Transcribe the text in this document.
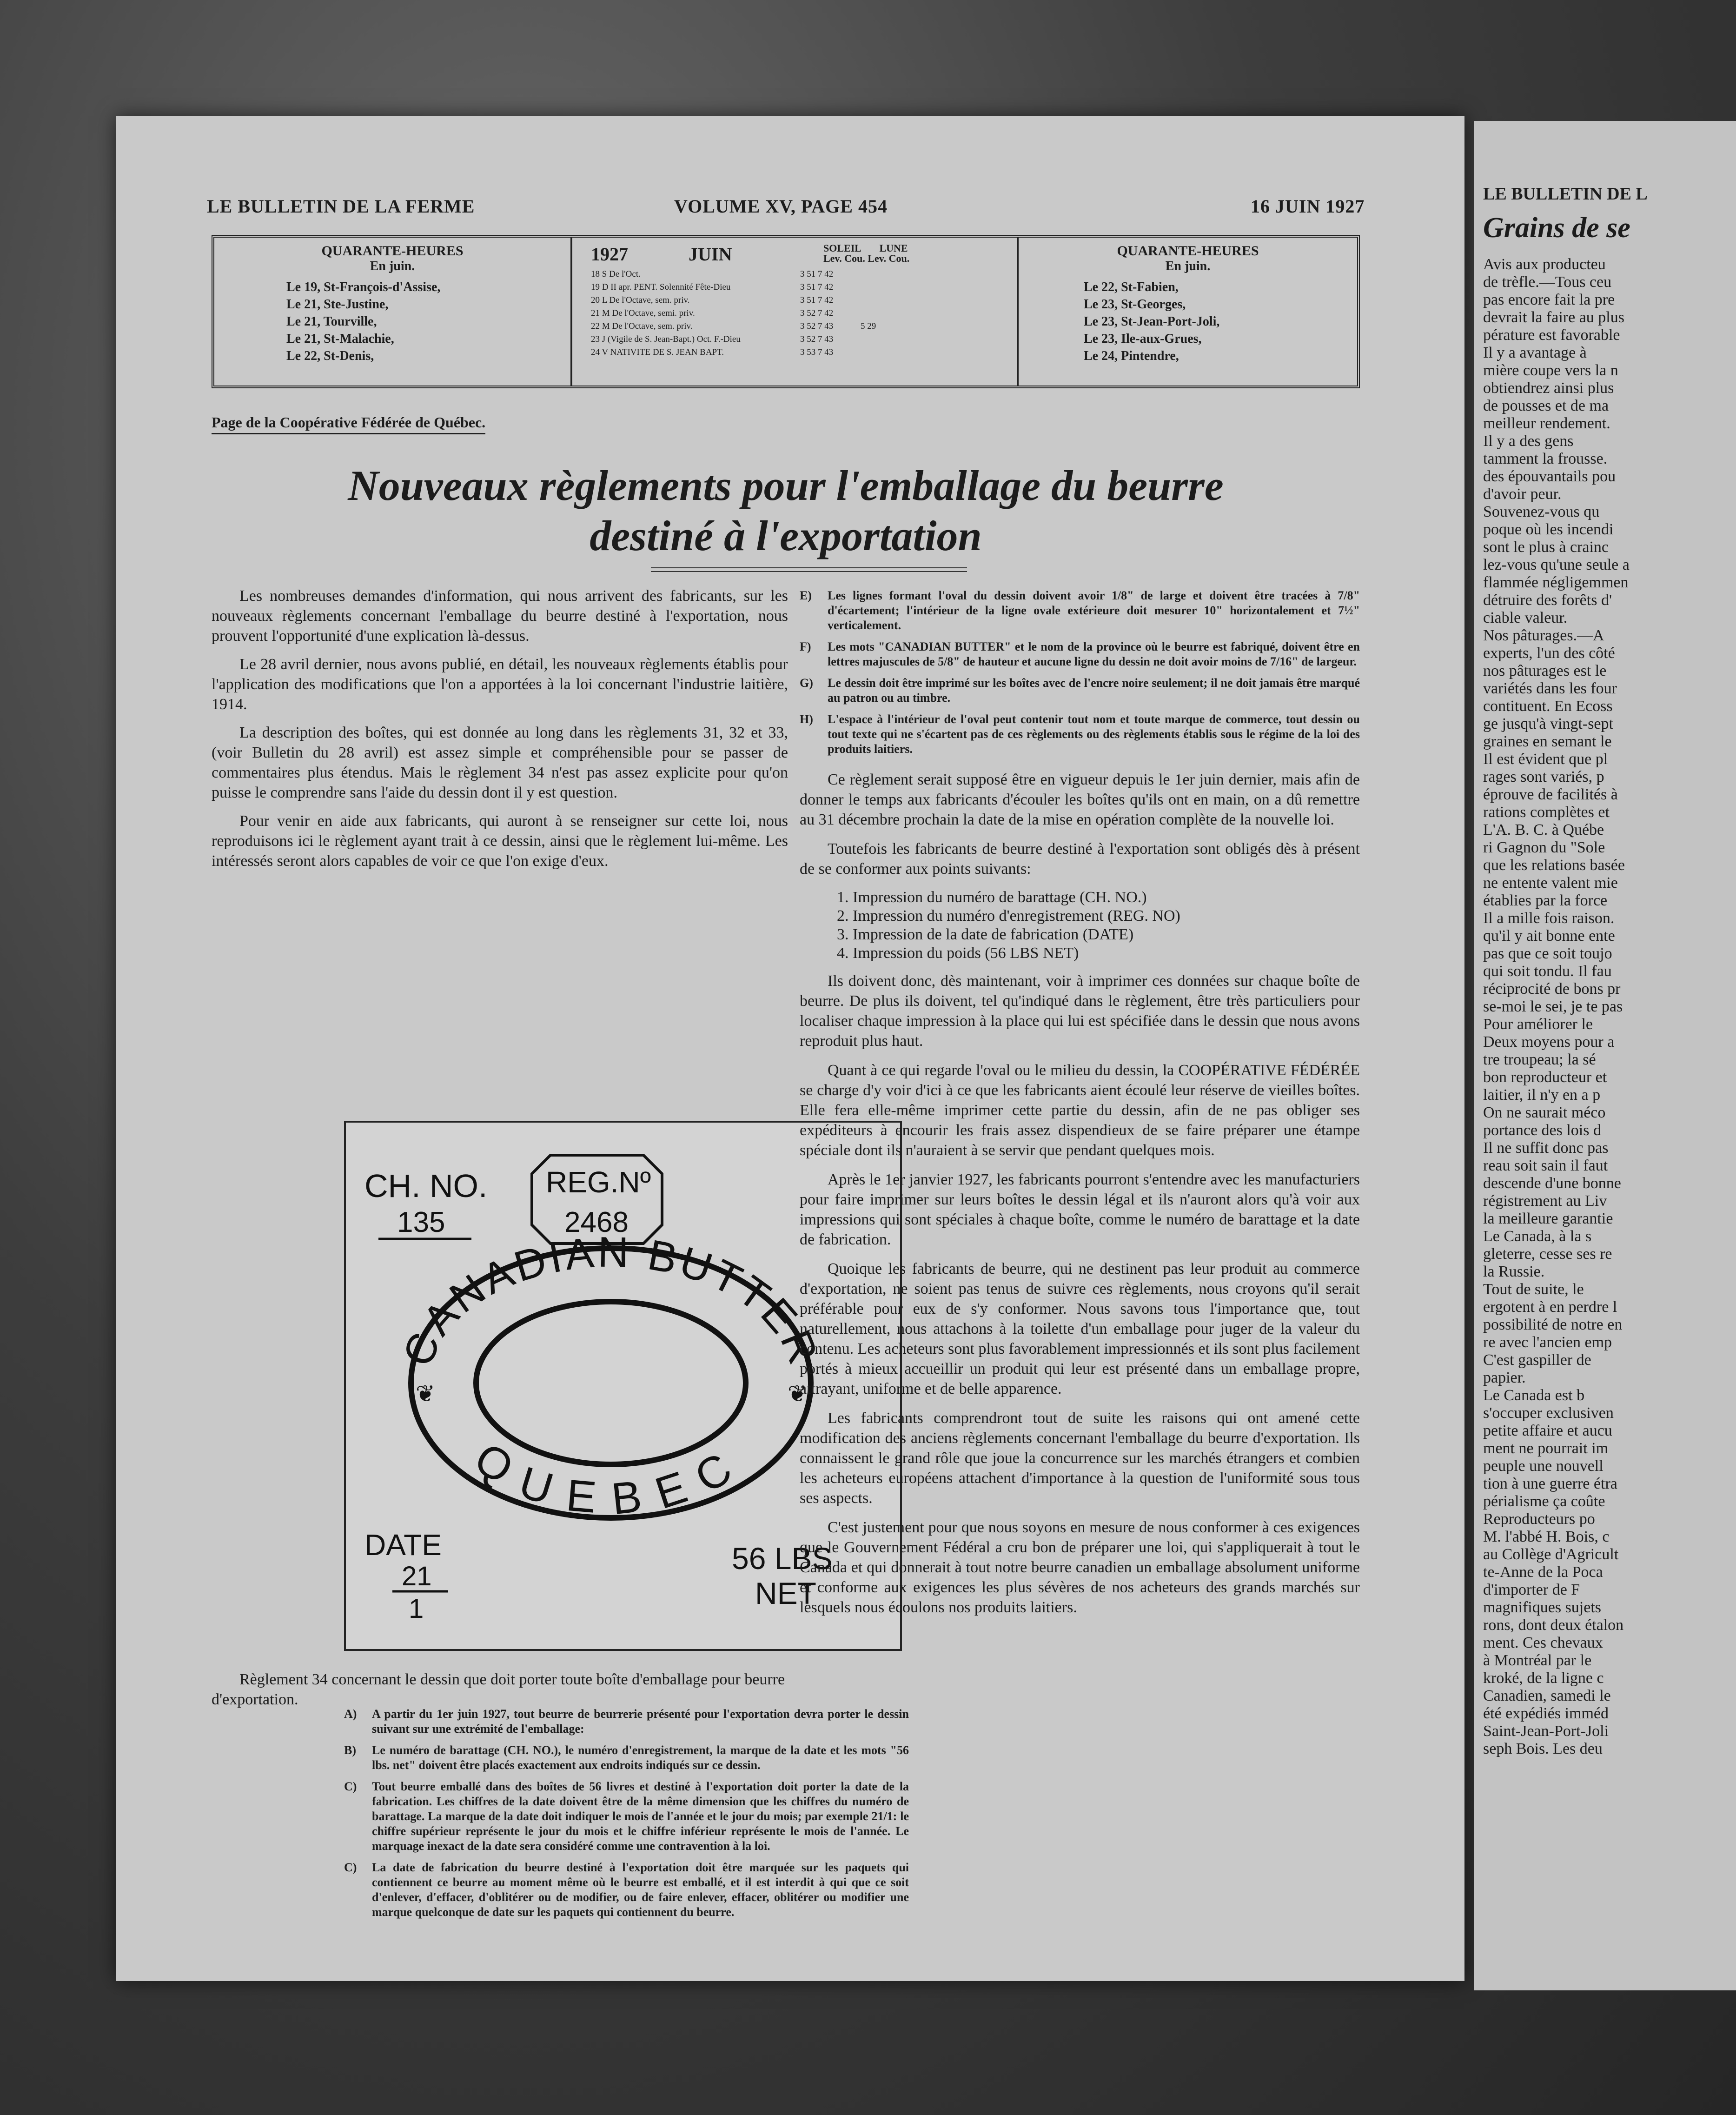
LE BULLETIN DE LA FERME	VOLUME XV, PAGE 454	16 JUIN 1927
QUARANTE-HEURES
En juin.
Le 19, St-François-d'Assise,
Le 21, Ste-Justine,
Le 21, Tourville,
Le 21, St-Malachie,
Le 22, St-Denis,
1927	JUIN	SOLEIL LUNE
Lev. Cou. Lev. Cou.
18 S De l'Oct.	3 51 7 42
19 D II apr. PENT. Solennité Fête-Dieu	3 51 7 42
20 L De l'Octave, sem. priv.	3 51 7 42
21 M De l'Octave, semi. priv.	3 52 7 42
22 M De l'Octave, sem. priv.	3 52 7 43	5 29
23 J (Vigile de S. Jean-Bapt.) Oct. F.-Dieu	3 52 7 43
24 V NATIVITE DE S. JEAN BAPT.	3 53 7 43
QUARANTE-HEURES
En juin.
Le 22, St-Fabien,
Le 23, St-Georges,
Le 23, St-Jean-Port-Joli,
Le 23, Ile-aux-Grues,
Le 24, Pintendre,
Page de la Coopérative Fédérée de Québec.
Nouveaux règlements pour l'emballage du beurre
destiné à l'exportation

Les nombreuses demandes d'information, qui nous arrivent des fabricants, sur les nouveaux règlements concernant l'emballage du beurre destiné à l'exportation, nous prouvent l'opportunité d'une explication là-dessus.

Le 28 avril dernier, nous avons publié, en détail, les nouveaux règlements établis pour l'application des modifications que l'on a apportées à la loi concernant l'industrie laitière, 1914.

La description des boîtes, qui est donnée au long dans les règlements 31, 32 et 33, (voir Bulletin du 28 avril) est assez simple et compréhensible pour se passer de commentaires plus étendus. Mais le règlement 34 n'est pas assez explicite pour qu'on puisse le comprendre sans l'aide du dessin dont il y est question.

Pour venir en aide aux fabricants, qui auront à se renseigner sur cette loi, nous reproduisons ici le règlement ayant trait à ce dessin, ainsi que le règlement lui-même. Les intéressés seront alors capables de voir ce que l'on exige d'eux.

CH. NO.
135
REG.Nº
2468
CANADIAN BUTTER
QUEBEC
❦	❦
DATE
21
1
56 LBS
NET

Règlement 34 concernant le dessin que doit porter toute boîte d'emballage pour beurre d'exportation.

A)	A partir du 1er juin 1927, tout beurre de beurrerie présenté pour l'exportation devra porter le dessin suivant sur une extrémité de l'emballage:
B)	Le numéro de barattage (CH. NO.), le numéro d'enregistrement, la marque de la date et les mots "56 lbs. net" doivent être placés exactement aux endroits indiqués sur ce dessin.
C)	Tout beurre emballé dans des boîtes de 56 livres et destiné à l'exportation doit porter la date de la fabrication. Les chiffres de la date doivent être de la même dimension que les chiffres du numéro de barattage. La marque de la date doit indiquer le mois de l'année et le jour du mois; par exemple 21/1: le chiffre supérieur représente le jour du mois et le chiffre inférieur représente le mois de l'année. Le marquage inexact de la date sera considéré comme une contravention à la loi.
C)	La date de fabrication du beurre destiné à l'exportation doit être marquée sur les paquets qui contiennent ce beurre au moment même où le beurre est emballé, et il est interdit à qui que ce soit d'enlever, d'effacer, d'oblitérer ou de modifier, ou de faire enlever, effacer, oblitérer ou modifier une marque quelconque de date sur les paquets qui contiennent du beurre.
E)	Les lignes formant l'oval du dessin doivent avoir 1/8" de large et doivent être tracées à 7/8" d'écartement; l'intérieur de la ligne ovale extérieure doit mesurer 10" horizontalement et 7½" verticalement.
F)	Les mots "CANADIAN BUTTER" et le nom de la province où le beurre est fabriqué, doivent être en lettres majuscules de 5/8" de hauteur et aucune ligne du dessin ne doit avoir moins de 7/16" de largeur.
G)	Le dessin doit être imprimé sur les boîtes avec de l'encre noire seulement; il ne doit jamais être marqué au patron ou au timbre.
H)	L'espace à l'intérieur de l'oval peut contenir tout nom et toute marque de commerce, tout dessin ou tout texte qui ne s'écartent pas de ces règlements ou des règlements établis sous le régime de la loi des produits laitiers.

Ce règlement serait supposé être en vigueur depuis le 1er juin dernier, mais afin de donner le temps aux fabricants d'écouler les boîtes qu'ils ont en main, on a dû remettre au 31 décembre prochain la date de la mise en opération complète de la nouvelle loi.

Toutefois les fabricants de beurre destiné à l'exportation sont obligés dès à présent de se conformer aux points suivants:

1. Impression du numéro de barattage (CH. NO.)
2. Impression du numéro d'enregistrement (REG. NO)
3. Impression de la date de fabrication (DATE)
4. Impression du poids (56 LBS NET)

Ils doivent donc, dès maintenant, voir à imprimer ces données sur chaque boîte de beurre. De plus ils doivent, tel qu'indiqué dans le règlement, être très particuliers pour localiser chaque impression à la place qui lui est spécifiée dans le dessin que nous avons reproduit plus haut.

Quant à ce qui regarde l'oval ou le milieu du dessin, la COOPÉRATIVE FÉDÉRÉE se charge d'y voir d'ici à ce que les fabricants aient écoulé leur réserve de vieilles boîtes. Elle fera elle-même imprimer cette partie du dessin, afin de ne pas obliger ses expéditeurs à encourir les frais assez dispendieux de se faire préparer une étampe spéciale dont ils n'auraient à se servir que pendant quelques mois.

Après le 1er janvier 1927, les fabricants pourront s'entendre avec les manufacturiers pour faire imprimer sur leurs boîtes le dessin légal et ils n'auront alors qu'à voir aux impressions qui sont spéciales à chaque boîte, comme le numéro de barattage et la date de fabrication.

Quoique les fabricants de beurre, qui ne destinent pas leur produit au commerce d'exportation, ne soient pas tenus de suivre ces règlements, nous croyons qu'il serait préférable pour eux de s'y conformer. Nous savons tous l'importance que, tout naturellement, nous attachons à la toilette d'un emballage pour juger de la valeur du contenu. Les acheteurs sont plus favorablement impressionnés et ils sont plus facilement portés à mieux accueillir un produit qui leur est présenté dans un emballage propre, attrayant, uniforme et de belle apparence.

Les fabricants comprendront tout de suite les raisons qui ont amené cette modification des anciens règlements concernant l'emballage du beurre d'exportation. Ils connaissent le grand rôle que joue la concurrence sur les marchés étrangers et combien les acheteurs européens attachent d'importance à la question de l'uniformité sous tous ses aspects.

C'est justement pour que nous soyons en mesure de nous conformer à ces exigences que le Gouvernement Fédéral a cru bon de préparer une loi, qui s'appliquerait à tout le Canada et qui donnerait à tout notre beurre canadien un emballage absolument uniforme et conforme aux exigences les plus sévères de nos acheteurs des grands marchés sur lesquels nous écoulons nos produits laitiers.

LE BULLETIN DE L
Grains de se
Avis aux producteu
de trèfle.—Tous ceu
pas encore fait la pre
devrait la faire au plus
pérature est favorable
Il y a avantage à
mière coupe vers la n
obtiendrez ainsi plus
de pousses et de ma
meilleur rendement.
Il y a des gens
tamment la frousse.
des épouvantails pou
d'avoir peur.
Souvenez-vous qu
poque où les incendi
sont le plus à crainc
lez-vous qu'une seule a
flammée négligemmen
détruire des forêts d'
ciable valeur.
Nos pâturages.—A
experts, l'un des côté
nos pâturages est le
variétés dans les four
contituent. En Ecoss
ge jusqu'à vingt-sept
graines en semant le
Il est évident que pl
rages sont variés, p
éprouve de facilités à
rations complètes et
L'A. B. C. à Québe
ri Gagnon du "Sole
que les relations basée
ne entente valent mie
établies par la force
Il a mille fois raison.
qu'il y ait bonne ente
pas que ce soit toujo
qui soit tondu. Il fau
réciprocité de bons pr
se-moi le sei, je te pas
Pour améliorer le
Deux moyens pour a
tre troupeau; la sé
bon reproducteur et
laitier, il n'y en a p
On ne saurait méco
portance des lois d
Il ne suffit donc pas
reau soit sain il faut
descende d'une bonne
régistrement au Liv
la meilleure garantie
Le Canada, à la s
gleterre, cesse ses re
la Russie.
Tout de suite, le
ergotent à en perdre l
possibilité de notre en
re avec l'ancien emp
C'est gaspiller de
papier.
Le Canada est b
s'occuper exclusiven
petite affaire et aucu
ment ne pourrait im
peuple une nouvell
tion à une guerre étra
périalisme ça coûte
Reproducteurs po
M. l'abbé H. Bois, c
au Collège d'Agricult
te-Anne de la Poca
d'importer de F
magnifiques sujets
rons, dont deux étalon
ment. Ces chevaux
à Montréal par le
kroké, de la ligne c
Canadien, samedi le
été expédiés imméd
Saint-Jean-Port-Joli
seph Bois. Les deu
